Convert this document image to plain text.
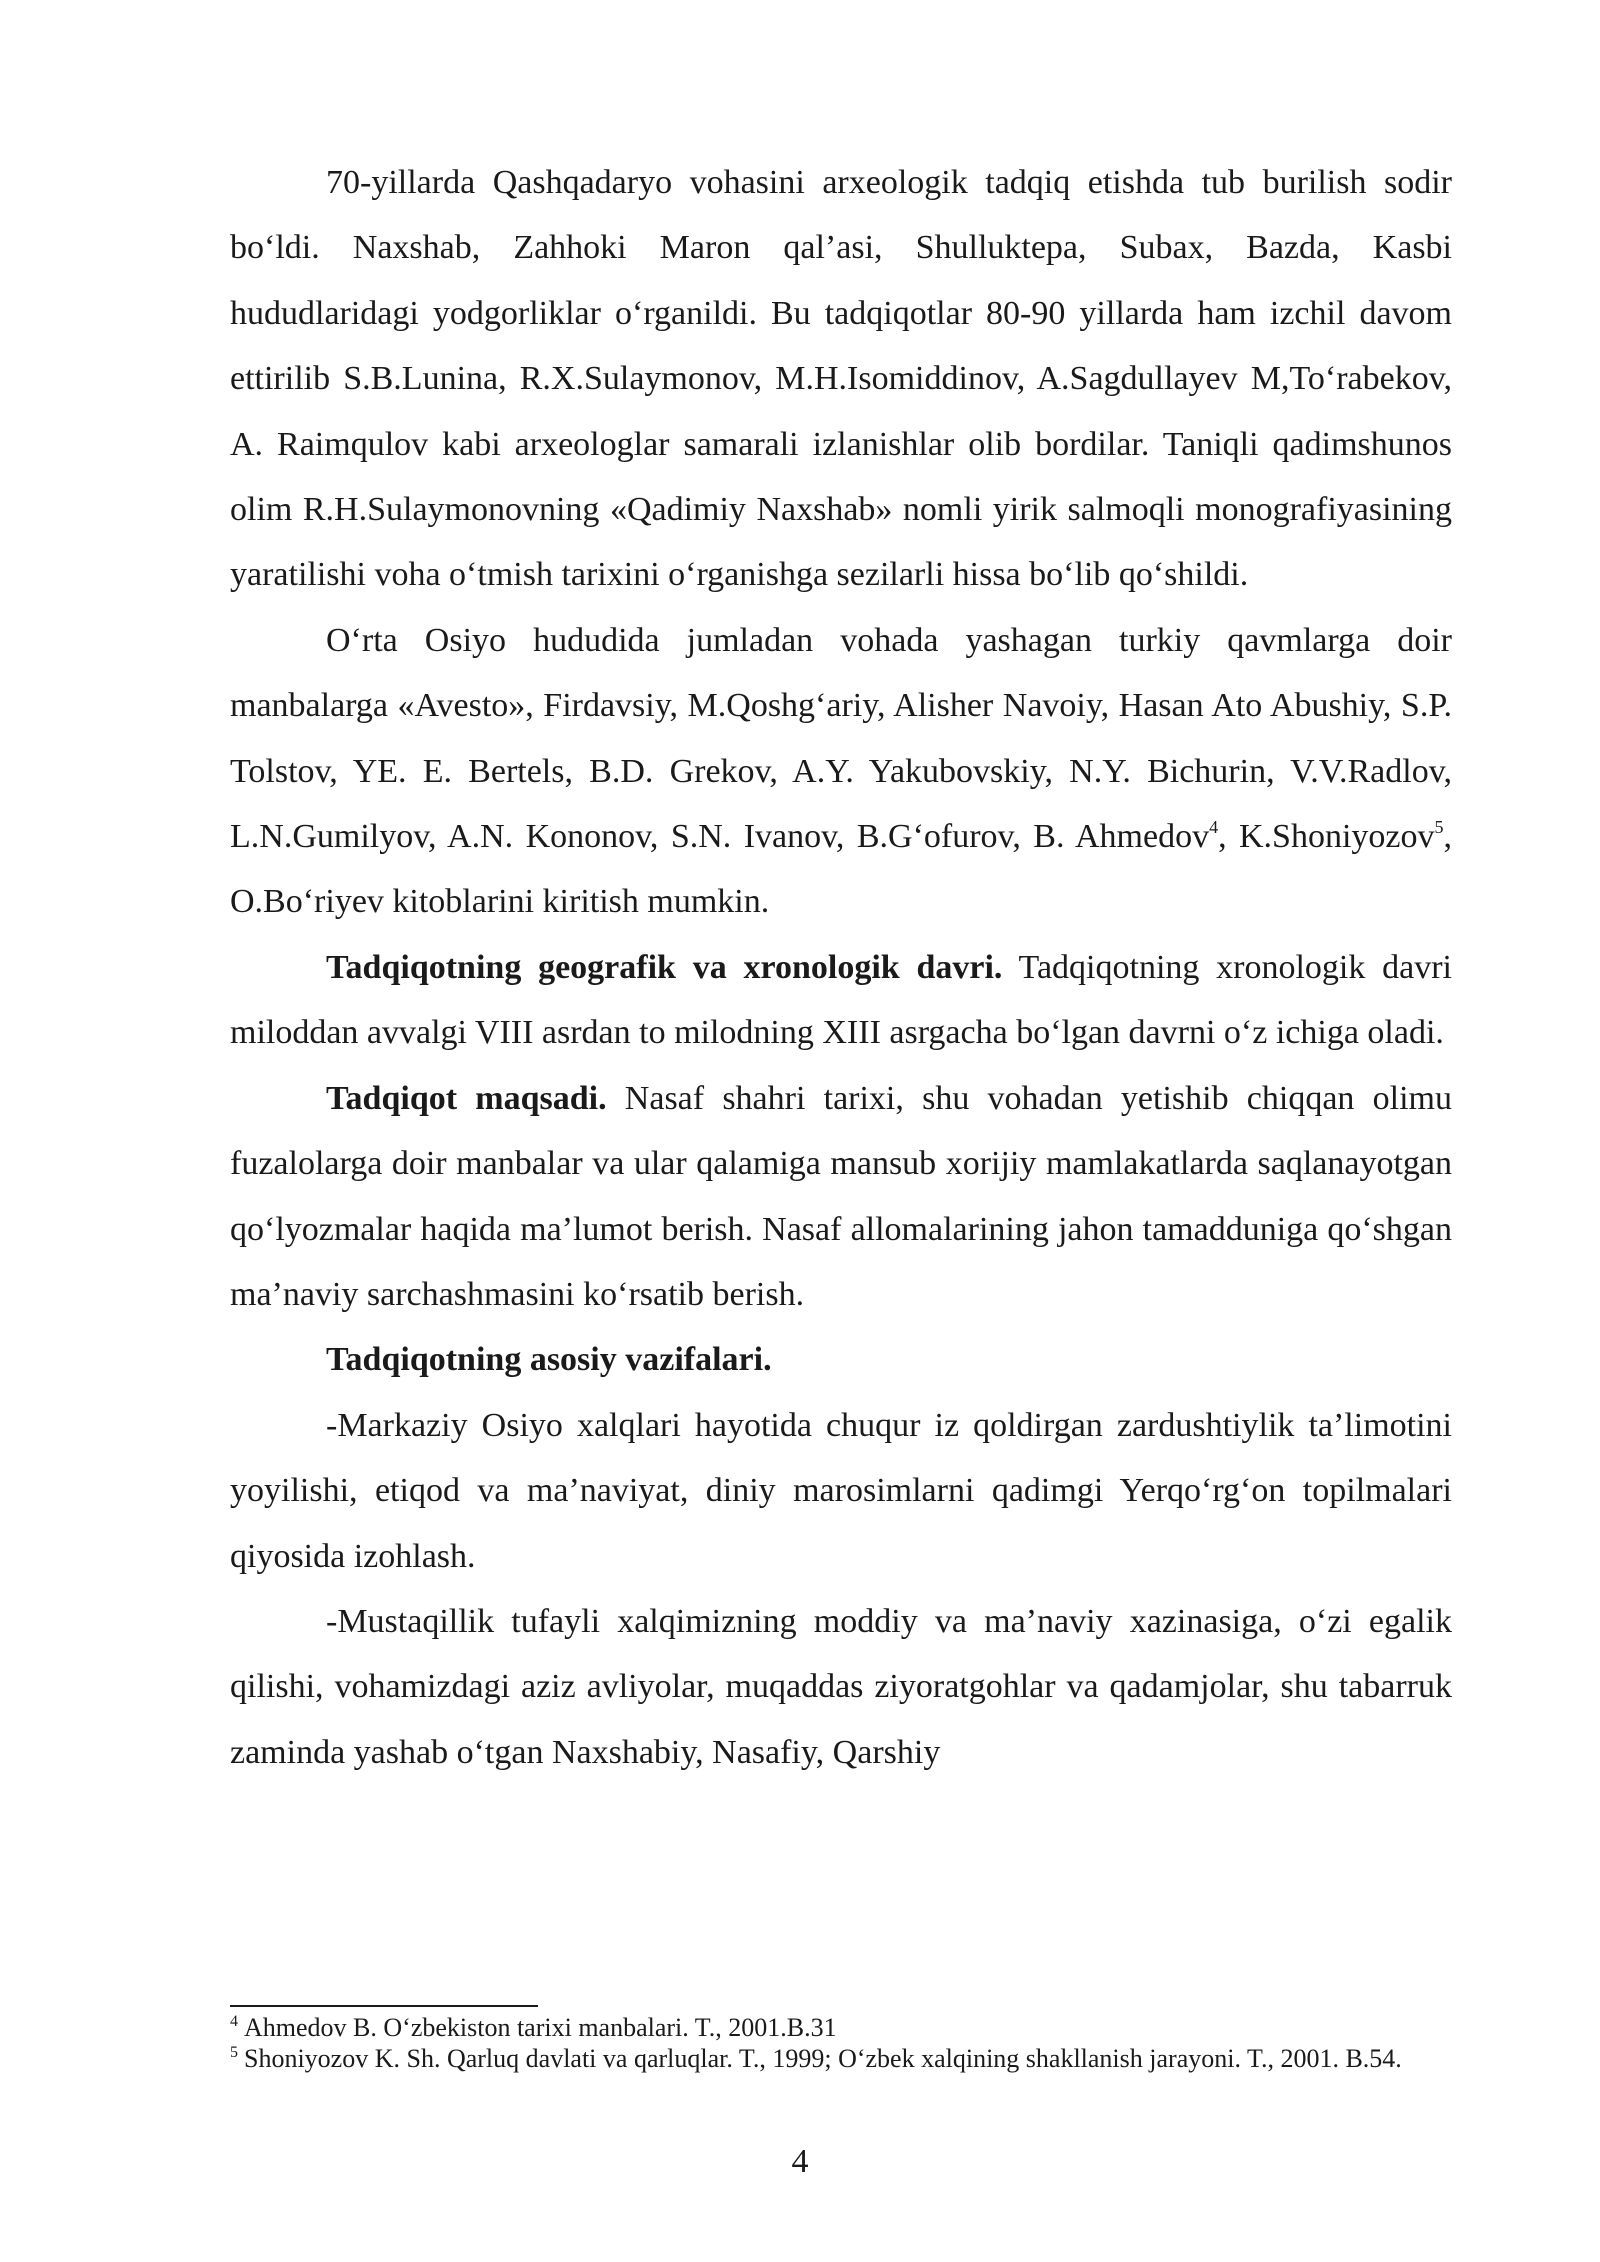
70-yillarda Qashqadaryo vohasini arxeologik tadqiq etishda tub burilish sodir bo‘ldi. Naxshab, Zahhoki Maron qal’asi, Shulluktepa, Subax, Bazda, Kasbi hududlaridagi yodgorliklar o‘rganildi. Bu tadqiqotlar 80-90 yillarda ham izchil davom ettirilib S.B.Lunina, R.X.Sulaymonov, M.H.Isomiddinov, A.Sagdullayev M,To‘rabekov, A. Raimqulov kabi arxeologlar samarali izlanishlar olib bordilar. Taniqli qadimshunos olim R.H.Sulaymonovning «Qadimiy Naxshab» nomli yirik salmoqli monografiyasining yaratilishi voha o‘tmish tarixini o‘rganishga sezilarli hissa bo‘lib qo‘shildi.

O‘rta Osiyo hududida jumladan vohada yashagan turkiy qavmlarga doir manbalarga «Avesto», Firdavsiy, M.Qoshg‘ariy, Alisher Navoiy, Hasan Ato Abushiy, S.P. Tolstov, YE. E. Bertels, B.D. Grekov, A.Y. Yakubovskiy, N.Y. Bichurin, V.V.Radlov, L.N.Gumilyov, A.N. Kononov, S.N. Ivanov, B.G‘ofurov, B. Ahmedov$^4$, K.Shoniyozov$^5$, O.Bo‘riyev kitoblarini kiritish mumkin.

Tadqiqotning geografik va xronologik davri. Tadqiqotning xronologik davri miloddan avvalgi VIII asrdan to milodning XIII asrgacha bo‘lgan davrni o‘z ichiga oladi.

Tadqiqot maqsadi. Nasaf shahri tarixi, shu vohadan yetishib chiqqan olimu fuzalolarga doir manbalar va ular qalamiga mansub xorijiy mamlakatlarda saqlanayotgan qo‘lyozmalar haqida ma’lumot berish. Nasaf allomalarining jahon tamadduniga qo‘shgan ma’naviy sarchashmasini ko‘rsatib berish.

Tadqiqotning asosiy vazifalari.

-Markaziy Osiyo xalqlari hayotida chuqur iz qoldirgan zardushtiylik ta’limotini yoyilishi, etiqod va ma’naviyat, diniy marosimlarni qadimgi Yerqo‘rg‘on topilmalari qiyosida izohlash.

-Mustaqillik tufayli xalqimizning moddiy va ma’naviy xazinasiga, o‘zi egalik qilishi, vohamizdagi aziz avliyolar, muqaddas ziyoratgohlar va qadamjolar, shu tabarruk zaminda yashab o‘tgan Naxshabiy, Nasafiy, Qarshiy

$^4$ Ahmedov B. O‘zbekiston tarixi manbalari. T., 2001.B.31

$^5$ Shoniyozov K. Sh. Qarluq davlati va qarluqlar. T., 1999; O‘zbek xalqining shakllanish jarayoni. T., 2001. B.54.

4
